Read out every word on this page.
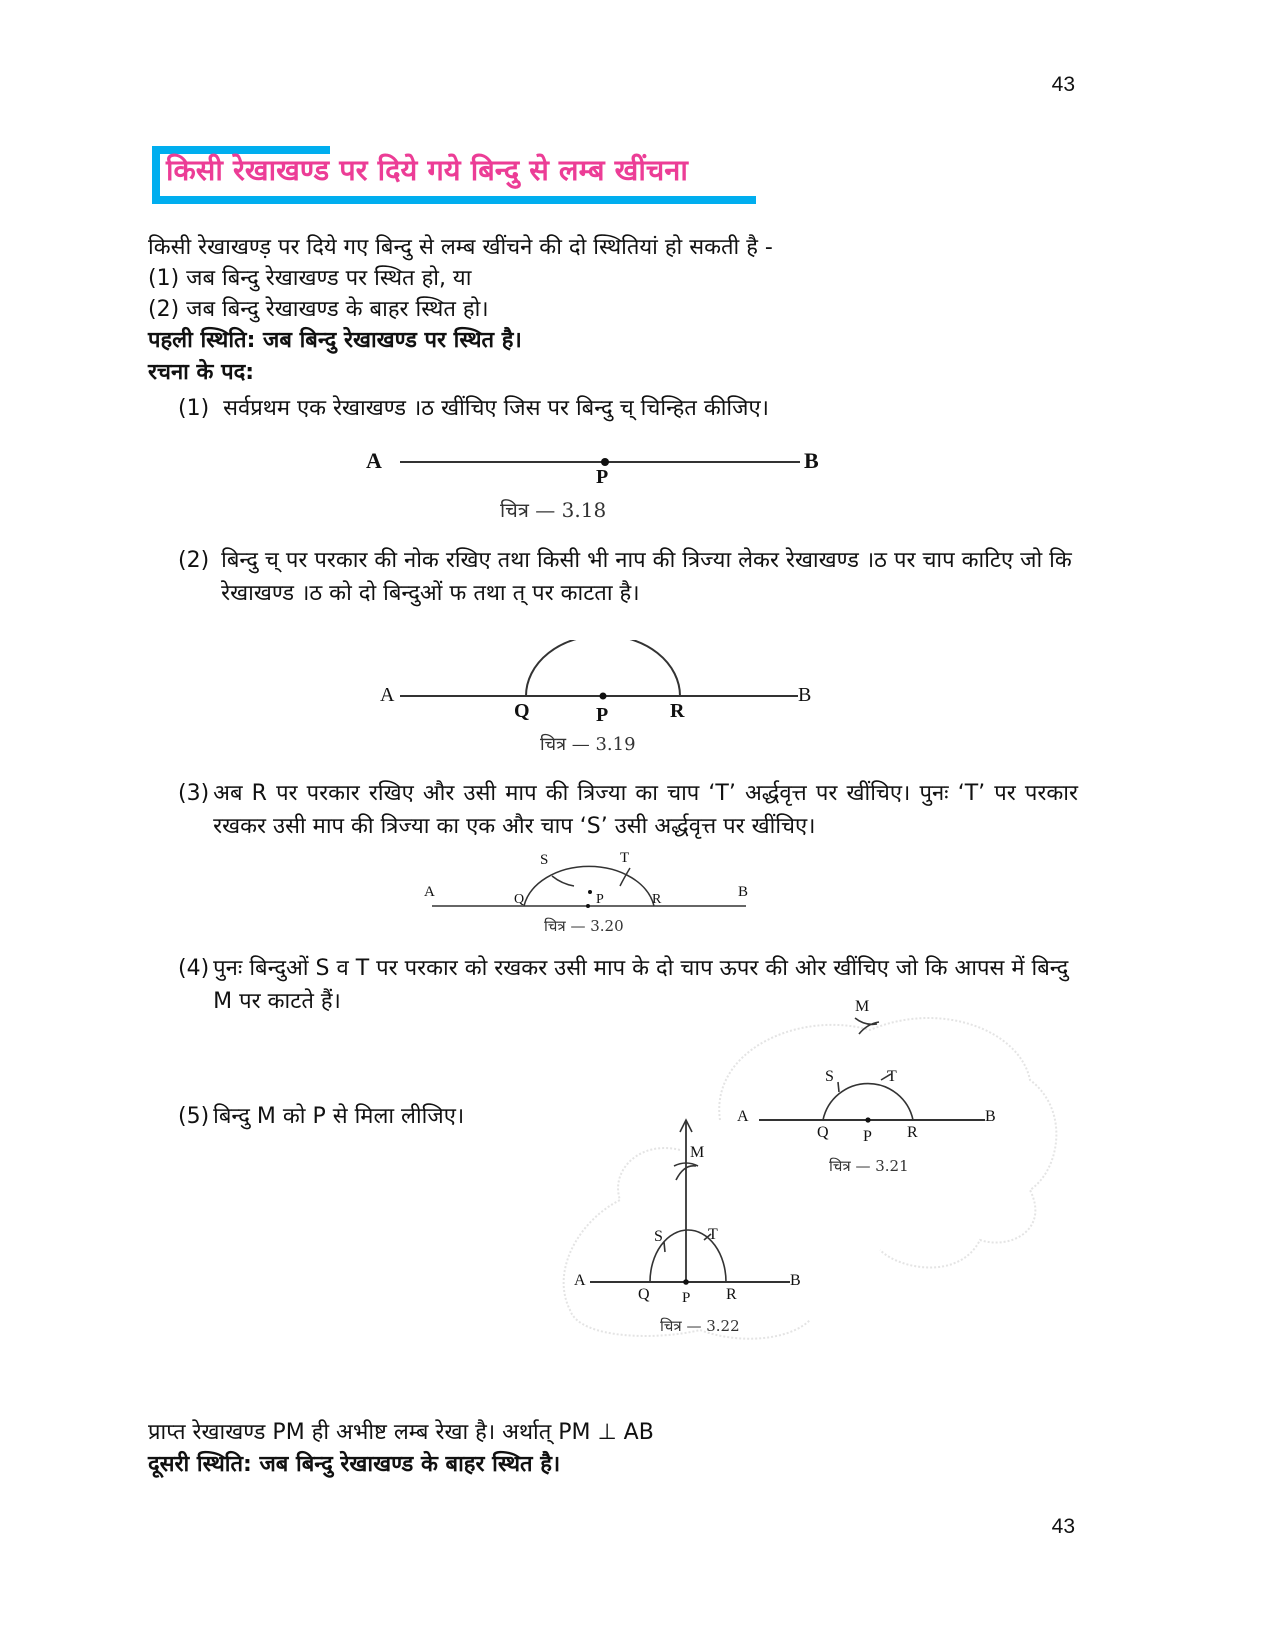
43
किसी रेखाखण्ड पर दिये गये बिन्दु से लम्ब खींचना
किसी रेखाखण्ड़ पर दिये गए बिन्दु से लम्ब खींचने की दो स्थितियां हो सकती है -
(1) जब बिन्दु रेखाखण्ड पर स्थित हो, या
(2) जब बिन्दु रेखाखण्ड के बाहर स्थित हो।
पहली स्थिति: जब बिन्दु रेखाखण्ड पर स्थित है।
रचना के पद:
(1) सर्वप्रथम एक रेखाखण्ड ।ठ खींचिए जिस पर बिन्दु च् चिन्हित कीजिए।
A	B
P
चित्र — 3.18
(2) बिन्दु च् पर परकार की नोक रखिए तथा किसी भी नाप की त्रिज्या लेकर रेखाखण्ड ।ठ पर चाप काटिए जो कि रेखाखण्ड ।ठ को दो बिन्दुओं फ तथा त् पर काटता है।
A	B
Q	P	R
चित्र — 3.19
(3) अब R पर परकार रखिए और उसी माप की त्रिज्या का चाप ‘T’ अर्द्धवृत्त पर खींचिए। पुनः ‘T’ पर परकार रखकर उसी माप की त्रिज्या का एक और चाप ‘S’ उसी अर्द्धवृत्त पर खींचिए।
A	B
S	T
Q	P	R
चित्र — 3.20
(4) पुनः बिन्दुओं S व T पर परकार को रखकर उसी माप के दो चाप ऊपर की ओर खींचिए जो कि आपस में बिन्दु M पर काटते हैं।
(5) बिन्दु M को P से मिला लीजिए।
M
S	T
A	B
Q P R
चित्र — 3.21
M
S	T
A	B
Q P R
चित्र — 3.22
प्राप्त रेखाखण्ड PM ही अभीष्ट लम्ब रेखा है। अर्थात् PM ⊥ AB
दूसरी स्थिति: जब बिन्दु रेखाखण्ड के बाहर स्थित है।
43
